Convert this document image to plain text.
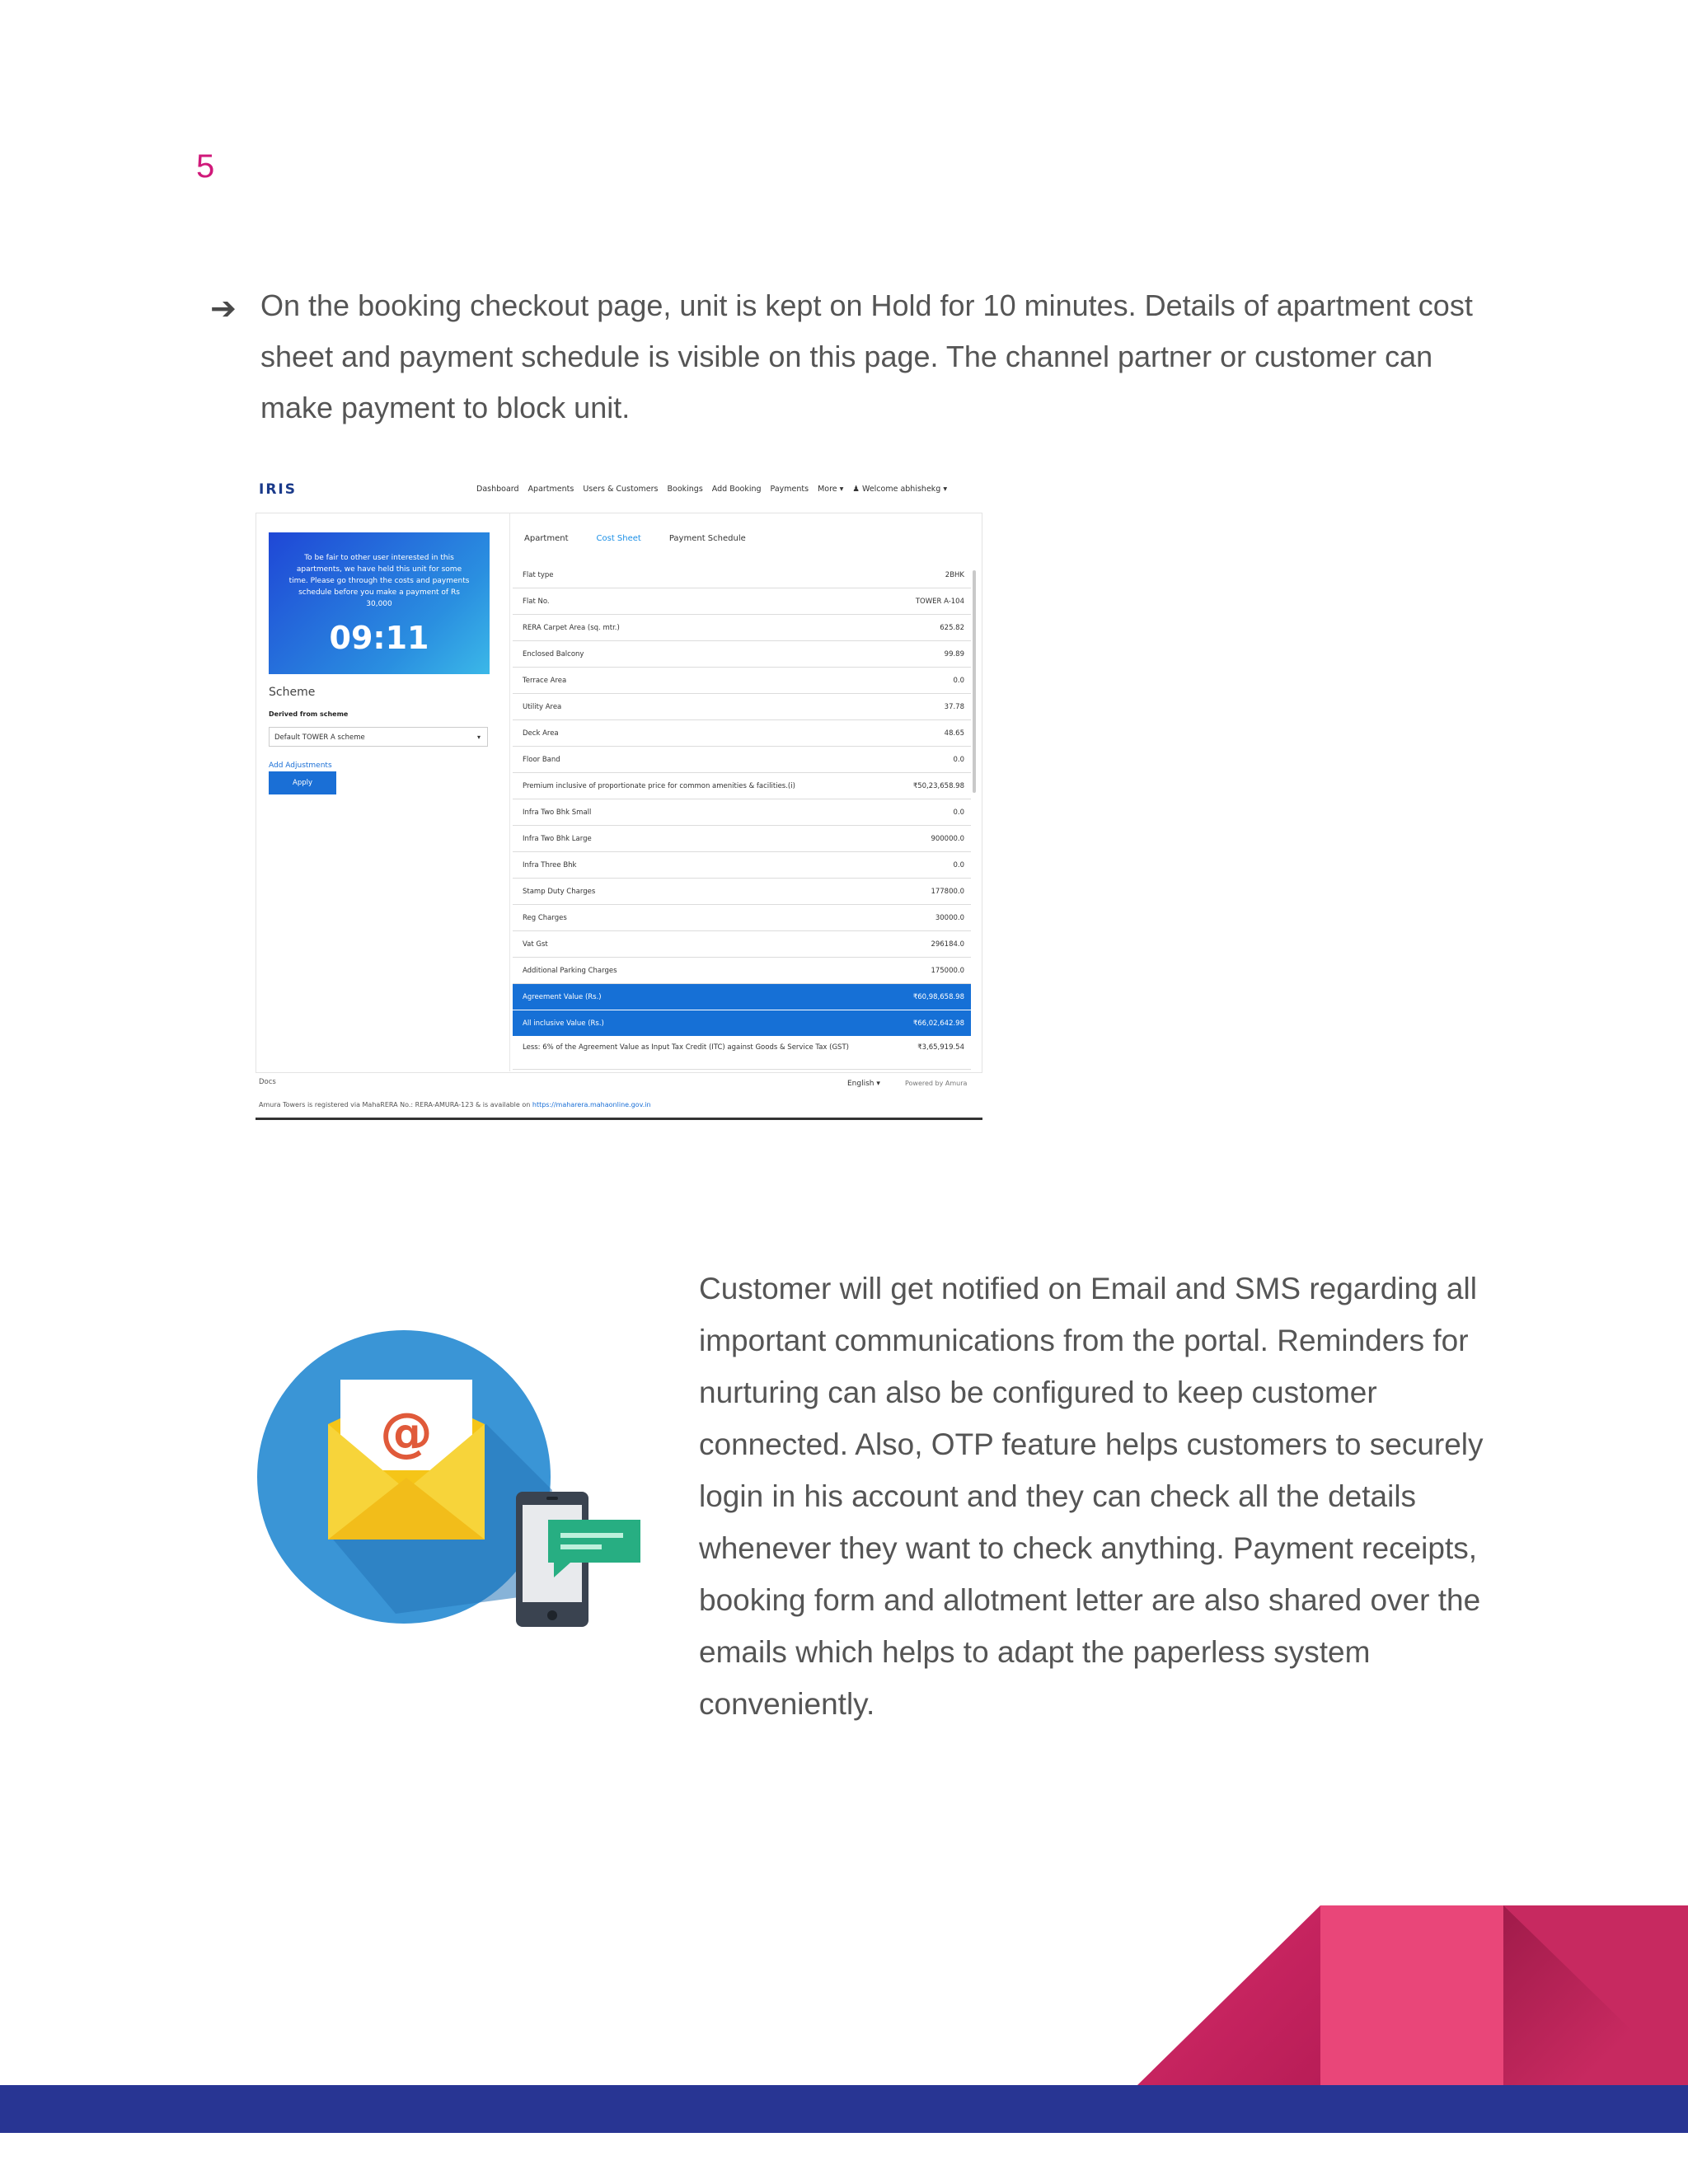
5
➔ On the booking checkout page, unit is kept on Hold for 10 minutes. Details of apartment cost sheet and payment schedule is visible on this page. The channel partner or customer can make payment to block unit.
IRIS	Dashboard Apartments Users & Customers Bookings Add Booking Payments More ▾ ♟ Welcome abhishekg ▾
To be fair to other user interested in this apartments, we have held this unit for some time. Please go through the costs and payments schedule before you make a payment of Rs 30,000
09:11
Scheme
Derived from scheme
Default TOWER A scheme	▾
Add Adjustments
Apply
Apartment	Cost Sheet	Payment Schedule
Flat type	2BHK
Flat No.	TOWER A-104
RERA Carpet Area (sq. mtr.)	625.82
Enclosed Balcony	99.89
Terrace Area	0.0
Utility Area	37.78
Deck Area	48.65
Floor Band	0.0
Premium inclusive of proportionate price for common amenities & facilities.(i)	₹50,23,658.98
Infra Two Bhk Small	0.0
Infra Two Bhk Large	900000.0
Infra Three Bhk	0.0
Stamp Duty Charges	177800.0
Reg Charges	30000.0
Vat Gst	296184.0
Additional Parking Charges	175000.0
Agreement Value (Rs.)	₹60,98,658.98
All inclusive Value (Rs.)	₹66,02,642.98
Less: 6% of the Agreement Value as Input Tax Credit (ITC) against Goods & Service Tax (GST)	₹3,65,919.54
Docs	English ▾	Powered by Amura
Amura Towers is registered via MahaRERA No.: RERA-AMURA-123 & is available on https://maharera.mahaonline.gov.in
@
Customer will get notified on Email and SMS regarding all important communications from the portal. Reminders for nurturing can also be configured to keep customer connected. Also, OTP feature helps customers to securely login in his account and they can check all the details whenever they want to check anything. Payment receipts, booking form and allotment letter are also shared over the emails which helps to adapt the paperless system conveniently.
